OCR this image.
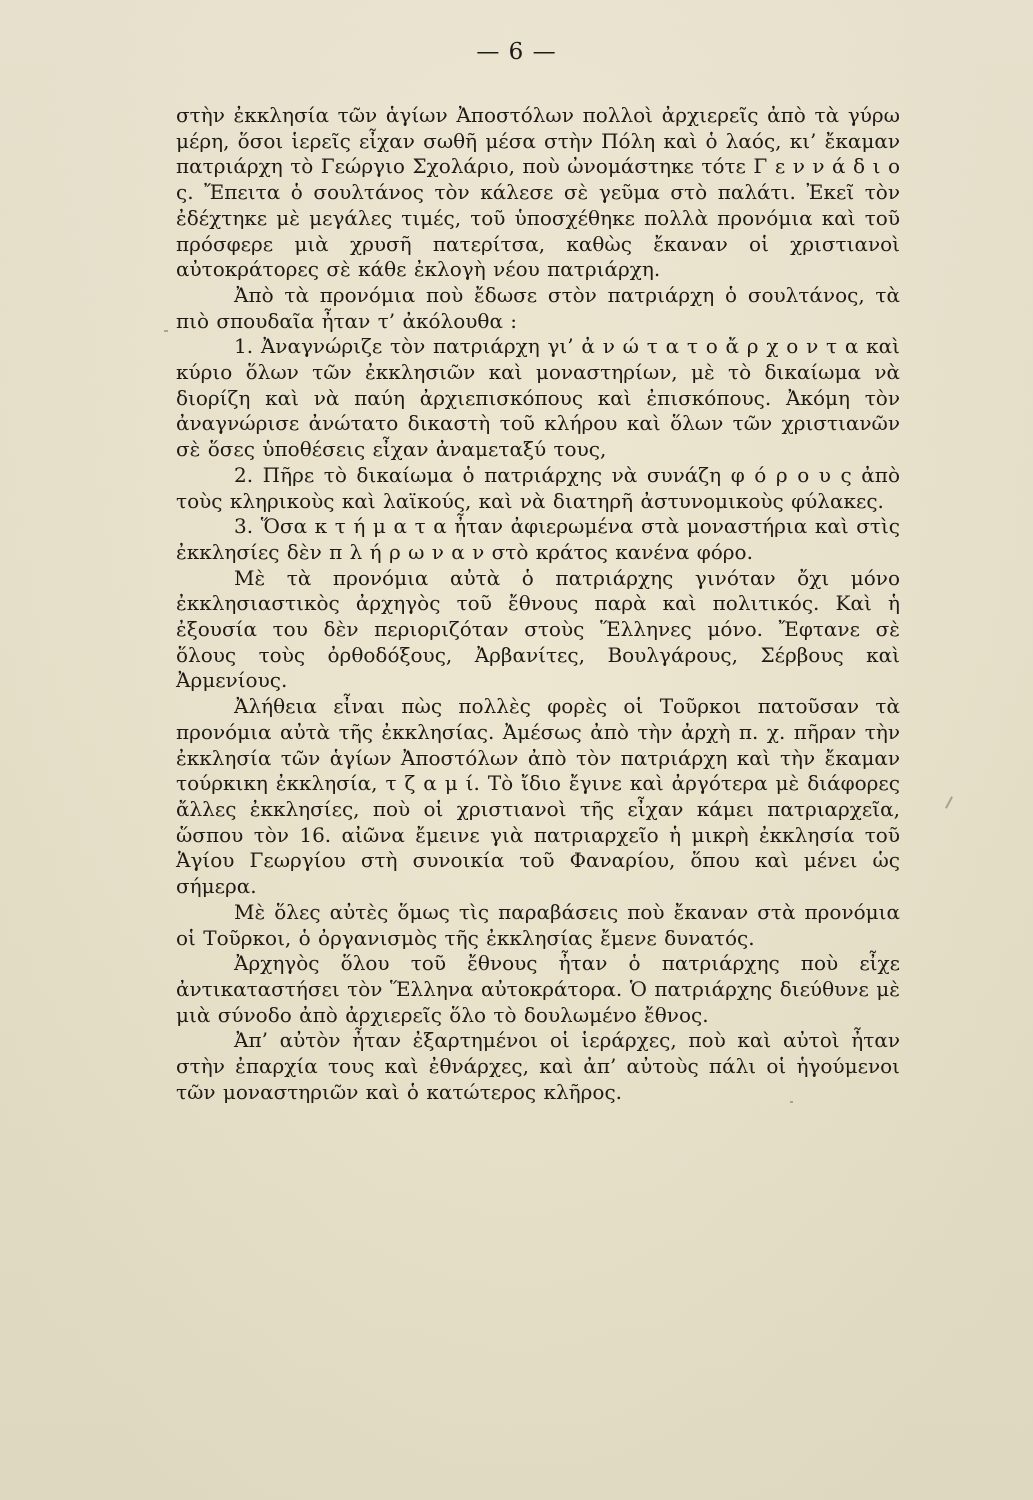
— 6 —

στὴν ἐκκλησία τῶν ἁγίων Ἀποστόλων πολλοὶ ἀρχιερεῖς ἀπὸ τὰ γύρω μέρη, ὅσοι ἱερεῖς εἶχαν σωθῆ μέσα στὴν Πόλη καὶ ὁ λαός, κι’ ἔκαμαν πατριάρχη τὸ Γεώργιο Σχολάριο, ποὺ ὠνομάστηκε τότε Γ ε ν ν ά δ ι ο ς. Ἔπειτα ὁ σουλτάνος τὸν κάλεσε σὲ γεῦμα στὸ παλάτι. Ἐκεῖ τὸν ἐδέχτηκε μὲ μεγάλες τιμές, τοῦ ὑποσχέθηκε πολλὰ προνόμια καὶ τοῦ πρόσφερε μιὰ χρυσῆ πατερίτσα, καθὼς ἔκαναν οἱ χριστιανοὶ αὐτοκράτορες σὲ κάθε ἐκλογὴ νέου πατριάρχη.

Ἀπὸ τὰ προνόμια ποὺ ἔδωσε στὸν πατριάρχη ὁ σουλτάνος, τὰ πιὸ σπουδαῖα ἦταν τ’ ἀκόλουθα :

1. Ἀναγνώριζε τὸν πατριάρχη γι’ ἀ ν ώ τ α τ ο ἄ ρ χ ο ν τ α καὶ κύριο ὅλων τῶν ἐκκλησιῶν καὶ μοναστηρίων, μὲ τὸ δικαίωμα νὰ διορίζη καὶ νὰ παύη ἀρχιεπισκόπους καὶ ἐπισκόπους. Ἀκόμη τὸν ἀναγνώρισε ἀνώτατο δικαστὴ τοῦ κλήρου καὶ ὅλων τῶν χριστιανῶν σὲ ὅσες ὑποθέσεις εἶχαν ἀναμεταξύ τους,

2. Πῆρε τὸ δικαίωμα ὁ πατριάρχης νὰ συνάζη φ ό ρ ο υ ς ἀπὸ τοὺς κληρικοὺς καὶ λαϊκούς, καὶ νὰ διατηρῆ ἀστυνομικοὺς φύλακες.

3. Ὅσα κ τ ή μ α τ α ἦταν ἀφιερωμένα στὰ μοναστήρια καὶ στὶς ἐκκλησίες δὲν π λ ή ρ ω ν α ν στὸ κράτος κανένα φόρο.

Μὲ τὰ προνόμια αὐτὰ ὁ πατριάρχης γινόταν ὄχι μόνο ἐκκλησιαστικὸς ἀρχηγὸς τοῦ ἔθνους παρὰ καὶ πολιτικός. Καὶ ἡ ἐξουσία του δὲν περιοριζόταν στοὺς Ἕλληνες μόνο. Ἔφτανε σὲ ὅλους τοὺς ὀρθοδόξους, Ἀρβανίτες, Βουλγάρους, Σέρβους καὶ Ἀρμενίους.

Ἀλήθεια εἶναι πὼς πολλὲς φορὲς οἱ Τοῦρκοι πατοῦσαν τὰ προνόμια αὐτὰ τῆς ἐκκλησίας. Ἀμέσως ἀπὸ τὴν ἀρχὴ π. χ. πῆραν τὴν ἐκκλησία τῶν ἁγίων Ἀποστόλων ἀπὸ τὸν πατριάρχη καὶ τὴν ἔκαμαν τούρκικη ἐκκλησία, τ ζ α μ ί. Τὸ ἴδιο ἔγινε καὶ ἀργότερα μὲ διάφορες ἄλλες ἐκκλησίες, ποὺ οἱ χριστιανοὶ τῆς εἶχαν κάμει πατριαρχεῖα, ὥσπου τὸν 16. αἰῶνα ἔμεινε γιὰ πατριαρχεῖο ἡ μικρὴ ἐκκλησία τοῦ Ἁγίου Γεωργίου στὴ συνοικία τοῦ Φαναρίου, ὅπου καὶ μένει ὡς σήμερα.

Μὲ ὅλες αὐτὲς ὅμως τὶς παραβάσεις ποὺ ἔκαναν στὰ προνόμια οἱ Τοῦρκοι, ὁ ὀργανισμὸς τῆς ἐκκλησίας ἔμενε δυνατός.

Ἀρχηγὸς ὅλου τοῦ ἔθνους ἦταν ὁ πατριάρχης ποὺ εἶχε ἀντικαταστήσει τὸν Ἕλληνα αὐτοκράτορα. Ὁ πατριάρχης διεύθυνε μὲ μιὰ σύνοδο ἀπὸ ἀρχιερεῖς ὅλο τὸ δουλωμένο ἔθνος.

Ἀπ’ αὐτὸν ἦταν ἐξαρτημένοι οἱ ἱεράρχες, ποὺ καὶ αὐτοὶ ἦταν στὴν ἐπαρχία τους καὶ ἐθνάρχες, καὶ ἀπ’ αὐτοὺς πάλι οἱ ἡγούμενοι τῶν μοναστηριῶν καὶ ὁ κατώτερος κλῆρος.
